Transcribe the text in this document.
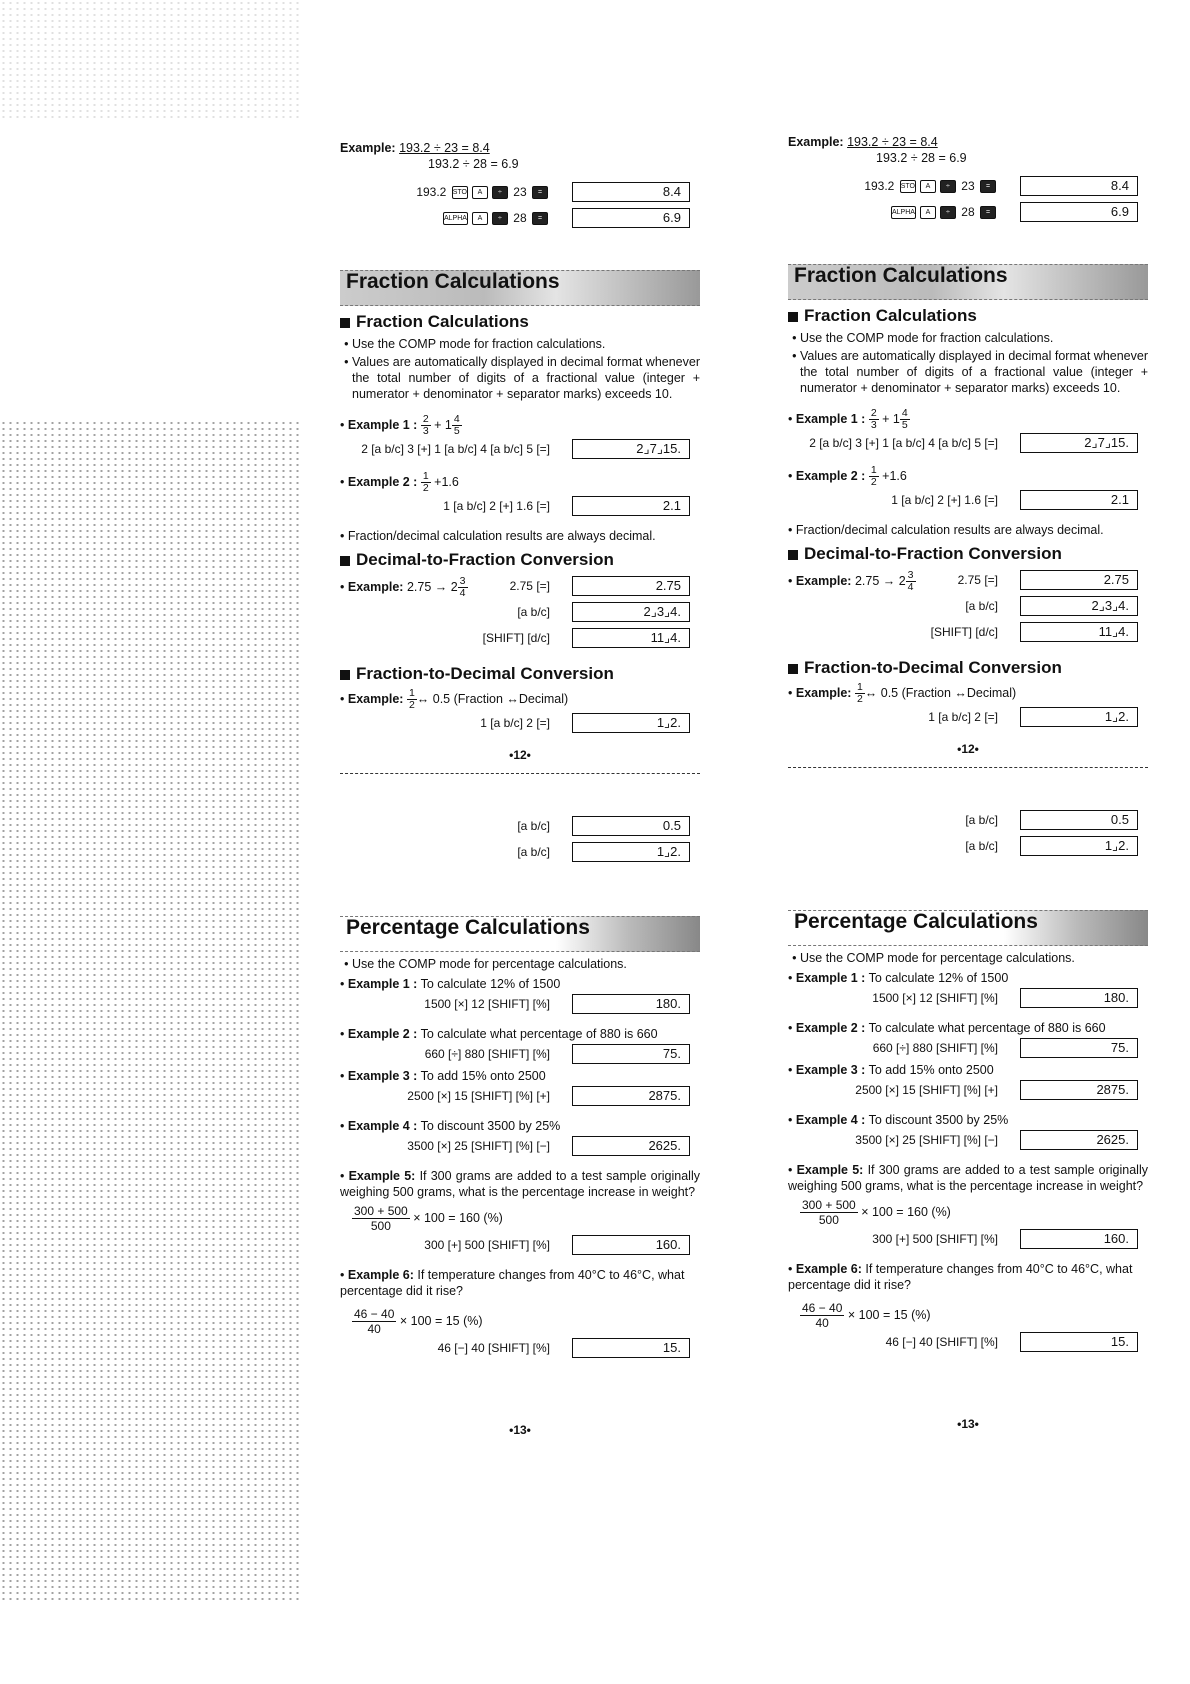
Example: 193.2 ÷ 23 = 8.4
193.2 ÷ 28 = 6.9
193.2 STO A ÷ 23 =	8.4
ALPHA A ÷ 28 =	6.9
Fraction Calculations
Fraction Calculations
• Use the COMP mode for fraction calculations.
• Values are automatically displayed in decimal format whenever the total number of digits of a fractional value (integer + numerator + denominator + separator marks) exceeds 10.
• Example 1 : $\frac{2}{3} + 1 \frac{4}{5}$
2 [a b/c] 3 [+] 1 [a b/c] 4 [a b/c] 5 [=]	2⌟7⌟15.
• Example 2 : $\frac{1}{2} +1.6$
1 [a b/c] 2 [+] 1.6 [=]	2.1
• Fraction/decimal calculation results are always decimal.
Decimal-to-Fraction Conversion
• Example: $2.75 \to 2 \frac{3}{4}$	2.75 [=]	2.75
[a b/c]	2⌟3⌟4.
[SHIFT] [d/c]	11⌟4.
Fraction-to-Decimal Conversion
• Example: $\frac{1}{2}$ ↔ 0.5 (Fraction ↔Decimal)
1 [a b/c] 2 [=]	1⌟2.
•12•
[a b/c]	0.5
[a b/c]	1⌟2.
Percentage Calculations
• Use the COMP mode for percentage calculations.
• Example 1 : To calculate 12% of 1500
1500 [×] 12 [SHIFT] [%]	180.
• Example 2 : To calculate what percentage of 880 is 660
660 [÷] 880 [SHIFT] [%]	75.
• Example 3 : To add 15% onto 2500
2500 [×] 15 [SHIFT] [%] [+]	2875.
• Example 4 : To discount 3500 by 25%
3500 [×] 25 [SHIFT] [%] [−]	2625.
• Example 5: If 300 grams are added to a test sample originally weighing 500 grams, what is the percentage increase in weight?
$\frac{300 + 500}{500} \times 100 = 160$ (%)
300 [+] 500 [SHIFT] [%]	160.
• Example 6: If temperature changes from 40°C to 46°C, what percentage did it rise?
$\frac{46 - 40}{40} \times 100 = 15$ (%)
46 [−] 40 [SHIFT] [%]	15.
•13•
Example: 193.2 ÷ 23 = 8.4
193.2 ÷ 28 = 6.9
193.2 STO A ÷ 23 =	8.4
ALPHA A ÷ 28 =	6.9
Fraction Calculations
Fraction Calculations
• Use the COMP mode for fraction calculations.
• Values are automatically displayed in decimal format whenever the total number of digits of a fractional value (integer + numerator + denominator + separator marks) exceeds 10.
• Example 1 : $\frac{2}{3} + 1 \frac{4}{5}$
2 [a b/c] 3 [+] 1 [a b/c] 4 [a b/c] 5 [=]	2⌟7⌟15.
• Example 2 : $\frac{1}{2} +1.6$
1 [a b/c] 2 [+] 1.6 [=]	2.1
• Fraction/decimal calculation results are always decimal.
Decimal-to-Fraction Conversion
• Example: $2.75 \to 2 \frac{3}{4}$	2.75 [=]	2.75
[a b/c]	2⌟3⌟4.
[SHIFT] [d/c]	11⌟4.
Fraction-to-Decimal Conversion
• Example: $\frac{1}{2}$ ↔ 0.5 (Fraction ↔Decimal)
1 [a b/c] 2 [=]	1⌟2.
•12•
[a b/c]	0.5
[a b/c]	1⌟2.
Percentage Calculations
• Use the COMP mode for percentage calculations.
• Example 1 : To calculate 12% of 1500
1500 [×] 12 [SHIFT] [%]	180.
• Example 2 : To calculate what percentage of 880 is 660
660 [÷] 880 [SHIFT] [%]	75.
• Example 3 : To add 15% onto 2500
2500 [×] 15 [SHIFT] [%] [+]	2875.
• Example 4 : To discount 3500 by 25%
3500 [×] 25 [SHIFT] [%] [−]	2625.
• Example 5: If 300 grams are added to a test sample originally weighing 500 grams, what is the percentage increase in weight?
$\frac{300 + 500}{500} \times 100 = 160$ (%)
300 [+] 500 [SHIFT] [%]	160.
• Example 6: If temperature changes from 40°C to 46°C, what percentage did it rise?
$\frac{46 - 40}{40} \times 100 = 15$ (%)
46 [−] 40 [SHIFT] [%]	15.
•13•
